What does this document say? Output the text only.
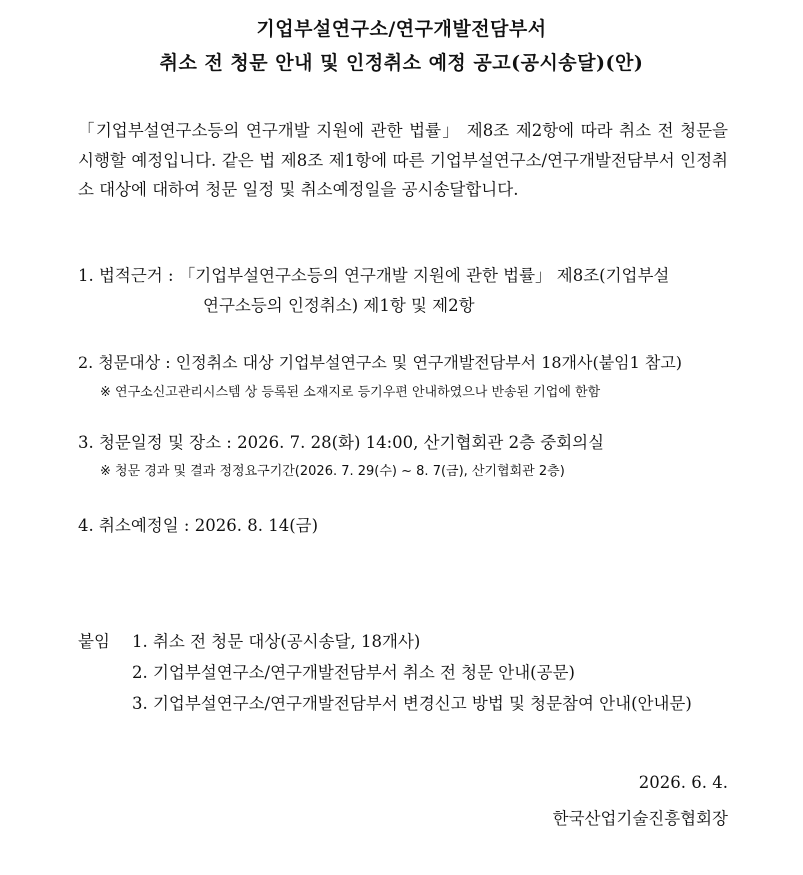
기업부설연구소/연구개발전담부서
취소 전 청문 안내 및 인정취소 예정 공고(공시송달)(안)
「기업부설연구소등의 연구개발 지원에 관한 법률」 제8조 제2항에 따라 취소 전 청문을 시행할 예정입니다. 같은 법 제8조 제1항에 따른 기업부설연구소/연구개발전담부서 인정취소 대상에 대하여 청문 일정 및 취소예정일을 공시송달합니다.
1. 법적근거 : 「기업부설연구소등의 연구개발 지원에 관한 법률」 제8조(기업부설
연구소등의 인정취소) 제1항 및 제2항
2. 청문대상 : 인정취소 대상 기업부설연구소 및 연구개발전담부서 18개사(붙임1 참고)
※ 연구소신고관리시스템 상 등록된 소재지로 등기우편 안내하였으나 반송된 기업에 한함
3. 청문일정 및 장소 : 2026. 7. 28(화) 14:00, 산기협회관 2층 중회의실
※ 청문 경과 및 결과 정정요구기간(2026. 7. 29(수) ~ 8. 7(금), 산기협회관 2층)
4. 취소예정일 : 2026. 8. 14(금)
붙임 1. 취소 전 청문 대상(공시송달, 18개사)
2. 기업부설연구소/연구개발전담부서 취소 전 청문 안내(공문)
3. 기업부설연구소/연구개발전담부서 변경신고 방법 및 청문참여 안내(안내문)
2026. 6. 4.
한국산업기술진흥협회장
